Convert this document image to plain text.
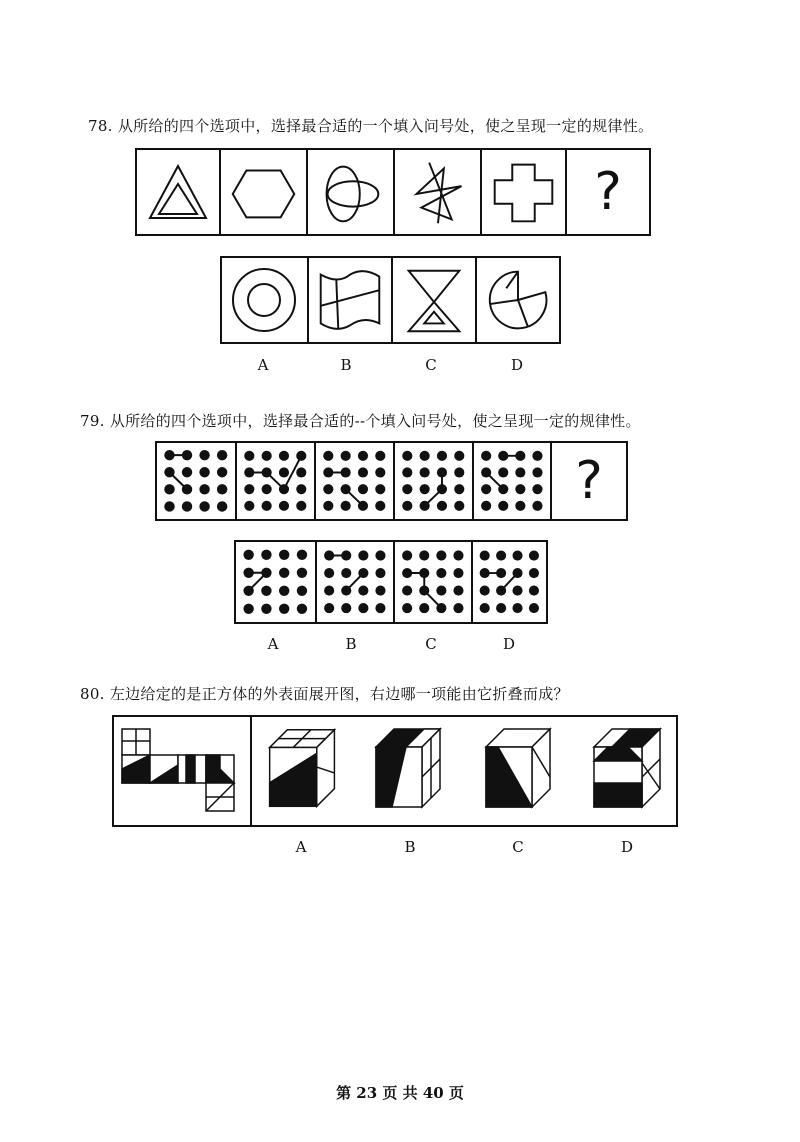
78. 从所给的四个选项中，选择最合适的一个填入问号处，使之呈现一定的规律性。
?
A	B	C	D
79. 从所给的四个选项中，选择最合适的--个填入问号处，使之呈现一定的规律性。
?
A	B	C	D
80. 左边给定的是正方体的外表面展开图，右边哪一项能由它折叠而成？
A	B	C	D
第 23 页 共 40 页
